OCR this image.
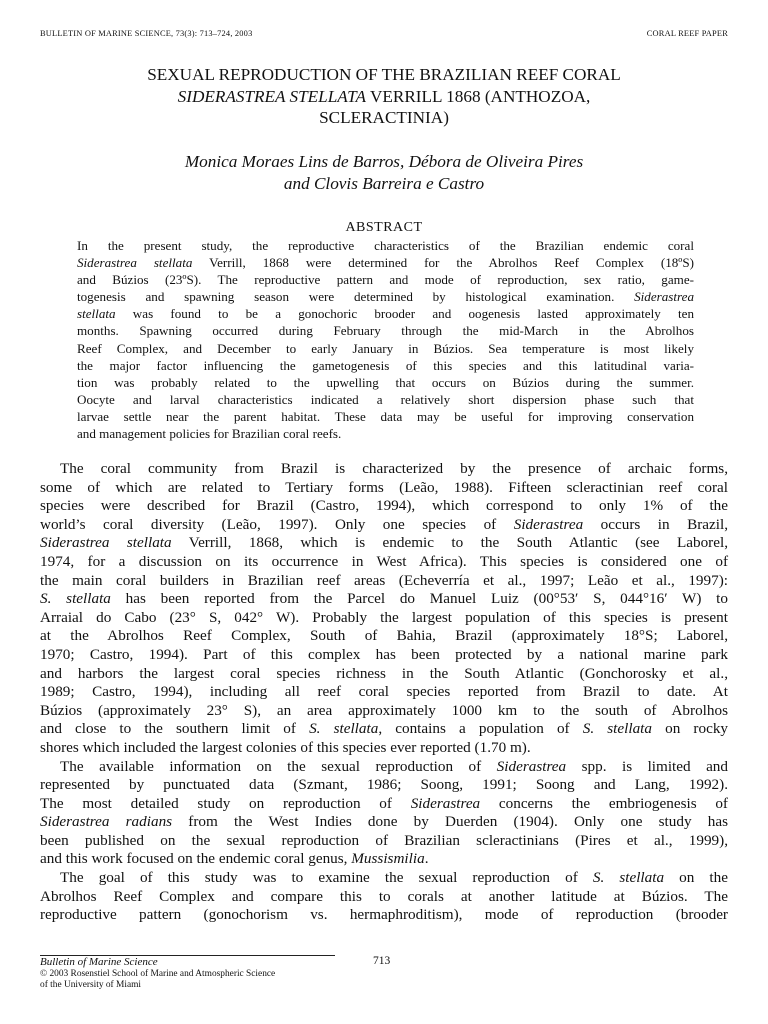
BULLETIN OF MARINE SCIENCE, 73(3): 713–724, 2003	CORAL REEF PAPER
SEXUAL REPRODUCTION OF THE BRAZILIAN REEF CORAL
SIDERASTREA STELLATA VERRILL 1868 (ANTHOZOA,
SCLERACTINIA)
Monica Moraes Lins de Barros, Débora de Oliveira Pires
and Clovis Barreira e Castro
ABSTRACT
In the present study, the reproductive characteristics of the Brazilian endemic coral
Siderastrea stellata Verrill, 1868 were determined for the Abrolhos Reef Complex (18ºS)
and Búzios (23ºS). The reproductive pattern and mode of reproduction, sex ratio, game-
togenesis and spawning season were determined by histological examination. Siderastrea
stellata was found to be a gonochoric brooder and oogenesis lasted approximately ten
months. Spawning occurred during February through the mid-March in the Abrolhos
Reef Complex, and December to early January in Búzios. Sea temperature is most likely
the major factor influencing the gametogenesis of this species and this latitudinal varia-
tion was probably related to the upwelling that occurs on Búzios during the summer.
Oocyte and larval characteristics indicated a relatively short dispersion phase such that
larvae settle near the parent habitat. These data may be useful for improving conservation
and management policies for Brazilian coral reefs.
The coral community from Brazil is characterized by the presence of archaic forms,
some of which are related to Tertiary forms (Leão, 1988). Fifteen scleractinian reef coral
species were described for Brazil (Castro, 1994), which correspond to only 1% of the
world’s coral diversity (Leão, 1997). Only one species of Siderastrea occurs in Brazil,
Siderastrea stellata Verrill, 1868, which is endemic to the South Atlantic (see Laborel,
1974, for a discussion on its occurrence in West Africa). This species is considered one of
the main coral builders in Brazilian reef areas (Echeverría et al., 1997; Leão et al., 1997):
S. stellata has been reported from the Parcel do Manuel Luiz (00°53′ S, 044°16′ W) to
Arraial do Cabo (23° S, 042° W). Probably the largest population of this species is present
at the Abrolhos Reef Complex, South of Bahia, Brazil (approximately 18°S; Laborel,
1970; Castro, 1994). Part of this complex has been protected by a national marine park
and harbors the largest coral species richness in the South Atlantic (Gonchorosky et al.,
1989; Castro, 1994), including all reef coral species reported from Brazil to date. At
Búzios (approximately 23° S), an area approximately 1000 km to the south of Abrolhos
and close to the southern limit of S. stellata, contains a population of S. stellata on rocky
shores which included the largest colonies of this species ever reported (1.70 m).
The available information on the sexual reproduction of Siderastrea spp. is limited and
represented by punctuated data (Szmant, 1986; Soong, 1991; Soong and Lang, 1992).
The most detailed study on reproduction of Siderastrea concerns the embriogenesis of
Siderastrea radians from the West Indies done by Duerden (1904). Only one study has
been published on the sexual reproduction of Brazilian scleractinians (Pires et al., 1999),
and this work focused on the endemic coral genus, Mussismilia.
The goal of this study was to examine the sexual reproduction of S. stellata on the
Abrolhos Reef Complex and compare this to corals at another latitude at Búzios. The
reproductive pattern (gonochorism vs. hermaphroditism), mode of reproduction (brooder
Bulletin of Marine Science
© 2003 Rosenstiel School of Marine and Atmospheric Science
of the University of Miami
713
